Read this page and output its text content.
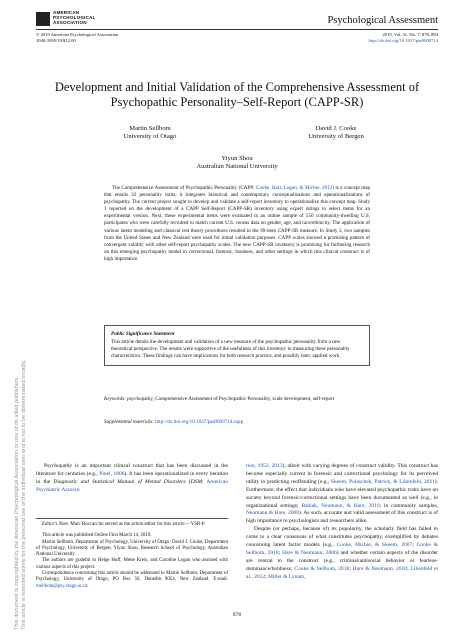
AMERICAN
PSYCHOLOGICAL
ASSOCIATION	Psychological Assessment
© 2019 American Psychological Association
1040-3590/19/$12.00
2019, Vol. 31, No. 7, 878–894
http://dx.doi.org/10.1037/pas0000714
Development and Initial Validation of the Comprehensive Assessment of
Psychopathic Personality–Self-Report (CAPP-SR)
Martin Sellbom
University of Otago
David J. Cooke
University of Bergen
Yiyun Shou
Australian National University
The Comprehensive Assessment of Psychopathic Personality (CAPP; Cooke, Hart, Logan, & Michie, 2012) is a concept map that entails 33 personality traits; it integrates historical and contemporary conceptualizations and operationalizations of psychopathy. The current project sought to develop and validate a self-report inventory to operationalize this concept map. Study 1 reported on the development of a CAPP Self-Report (CAPP-SR) inventory using expert ratings to select items for an experimental version. Next, these experimental items were evaluated in an online sample of 550 community-dwelling U.S. participants who were carefully recruited to match current U.S. census data on gender, age, and race/ethnicity. The application of various latent modeling and classical test theory procedures resulted in the 99-item CAPP-SR measure. In Study 2, two samples from the United States and New Zealand were used for initial validation purposes. CAPP scales showed a promising pattern of convergent validity with other self-report psychopathy scales. The new CAPP-SR inventory is promising for furthering research on this emerging psychopathy model in correctional, forensic, business, and other settings in which this clinical construct is of high importance.
Public Significance Statement
This article details the development and validation of a new measure of the psychopathic personality from a new theoretical perspective. The results were supportive of the usefulness of this inventory in measuring these personality characteristics. These findings can have implications for both research practice, and possibly later, applied work.
Keywords: psychopathy, Comprehensive Assessment of Psychopathic Personality, scale development, self-report
Supplemental materials: http://dx.doi.org/10.1037/pas0000714.supp

Psychopathy is an important clinical construct that has been discussed in the literature for centuries (e.g., Pinel, 1806). It has been operationalized in every iteration in the Diagnostic and Statistical Manual of Mental Disorders (DSM; American Psychiatric Associa-

Editor's Note. Marc Boccaccini served as the action editor for this article.—YSB-P

This article was published Online First March 14, 2019.

Martin Sellbom, Department of Psychology, University of Otago; David J. Cooke, Department of Psychology, University of Bergen; Yiyun Shou, Research School of Psychology, Australian National University.

The authors are grateful to Helge Hoff, Mette Kreis, and Caroline Logan who assisted with various aspects of this project.

Correspondence concerning this article should be addressed to Martin Sellbom, Department of Psychology, University of Otago, PO Box 56, Dunedin 9054, New Zealand. E-mail: mellbom@psy.otago.ac.nz

tion, 1952, 2013), albeit with varying degrees of construct validity. This construct has become especially current in forensic and correctional psychology for its perceived utility in predicting reoffending (e.g., Skeem, Polaschek, Patrick, & Lilienfeld, 2011). Furthermore, the effect that individuals who have elevated psychopathic traits have on society beyond forensic/correctional settings have been documented as well (e.g., in organizational settings; Babiak, Neumann, & Hare, 2010; in community samples, Neumann & Hare, 2008). As such, accurate and valid assessment of this construct is of high importance to psychologists and researchers alike.

Despite (or perhaps, because of) its popularity, the scholarly field has failed to come to a clear consensus of what constitutes psychopathy, exemplified by debates concerning latent factor models (e.g., Cooke, Michie, & Skeem, 2007; Cooke & Sellbom, 2018; Hare & Neumann, 2006) and whether certain aspects of the disorder are central to the construct (e.g., criminal/antisocial behavior or fearless-dominance/boldness; Cooke & Sellbom, 2018; Hare & Neumann, 2010; Lilienfeld et al., 2012; Miller & Lynam,

878
This document is copyrighted by the American Psychological Association or one of its allied publishers. This article is intended solely for the personal use of the individual user and is not to be disseminated broadly.
